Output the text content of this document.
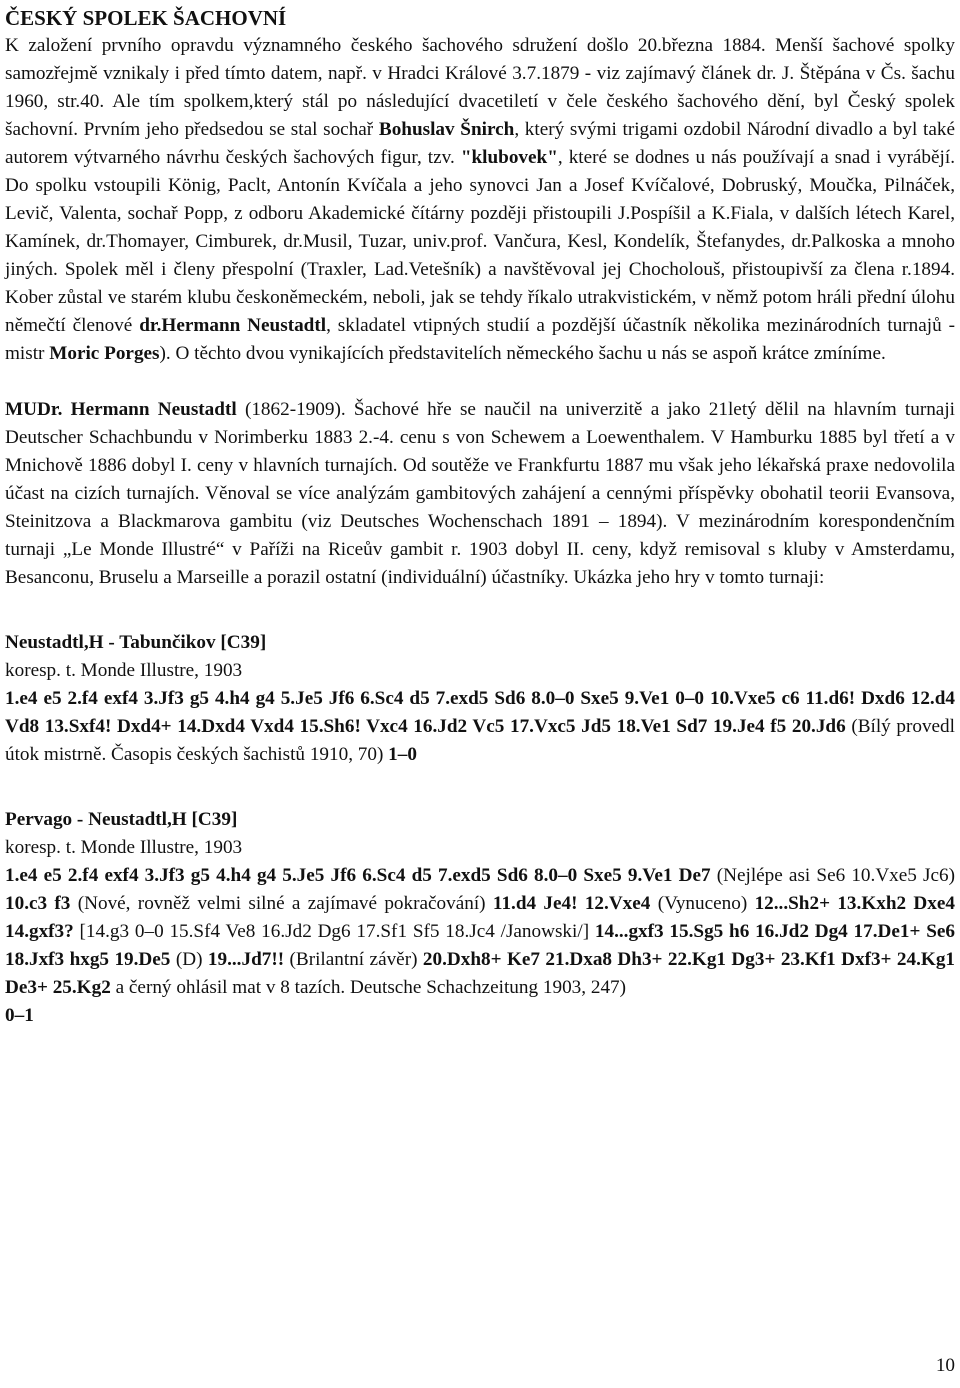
ČESKÝ SPOLEK ŠACHOVNÍ

K založení prvního opravdu významného českého šachového sdružení došlo 20.března 1884. Menší šachové spolky samozřejmě vznikaly i před tímto datem, např. v Hradci Králové 3.7.1879 - viz zajímavý článek dr. J. Štěpána v Čs. šachu 1960, str.40. Ale tím spolkem,který stál po následující dvacetiletí v čele českého šachového dění, byl Český spolek šachovní. Prvním jeho předsedou se stal sochař Bohuslav Šnirch, který svými trigami ozdobil Národní divadlo a byl také autorem výtvarného návrhu českých šachových figur, tzv. "klubovek", které se dodnes u nás používají a snad i vyrábějí. Do spolku vstoupili König, Paclt, Antonín Kvíčala a jeho synovci Jan a Josef Kvíčalové, Dobruský, Moučka, Pilnáček, Levič, Valenta, sochař Popp, z odboru Akademické čítárny později přistoupili J.Pospíšil a K.Fiala, v dalších létech Karel, Kamínek, dr.Thomayer, Cimburek, dr.Musil, Tuzar, univ.prof. Vančura, Kesl, Kondelík, Štefanydes, dr.Palkoska a mnoho jiných. Spolek měl i členy přespolní (Traxler, Lad.Vetešník) a navštěvoval jej Chocholouš, přistoupivší za člena r.1894. Kober zůstal ve starém klubu českoněmeckém, neboli, jak se tehdy říkalo utrakvistickém, v němž potom hráli přední úlohu němečtí členové dr.Hermann Neustadtl, skladatel vtipných studií a pozdější účastník několika mezinárodních turnajů - mistr Moric Porges). O těchto dvou vynikajících představitelích německého šachu u nás se aspoň krátce zmíníme.

MUDr. Hermann Neustadtl (1862-1909). Šachové hře se naučil na univerzitě a jako 21letý dělil na hlavním turnaji Deutscher Schachbundu v Norimberku 1883 2.-4. cenu s von Schewem a Loewenthalem. V Hamburku 1885 byl třetí a v Mnichově 1886 dobyl I. ceny v hlavních turnajích. Od soutěže ve Frankfurtu 1887 mu však jeho lékařská praxe nedovolila účast na cizích turnajích. Věnoval se více analýzám gambitových zahájení a cennými příspěvky obohatil teorii Evansova, Steinitzova a Blackmarova gambitu (viz Deutsches Wochenschach 1891 – 1894). V mezinárodním korespondenčním turnaji „Le Monde Illustré“ v Paříži na Riceův gambit r. 1903 dobyl II. ceny, když remisoval s kluby v Amsterdamu, Besanconu, Bruselu a Marseille a porazil ostatní (individuální) účastníky. Ukázka jeho hry v tomto turnaji:

Neustadtl,H - Tabunčikov [C39]

koresp. t. Monde Illustre, 1903

1.e4 e5 2.f4 exf4 3.Jf3 g5 4.h4 g4 5.Je5 Jf6 6.Sc4 d5 7.exd5 Sd6 8.0–0 Sxe5 9.Ve1 0–0 10.Vxe5 c6 11.d6! Dxd6 12.d4 Vd8 13.Sxf4! Dxd4+ 14.Dxd4 Vxd4 15.Sh6! Vxc4 16.Jd2 Vc5 17.Vxc5 Jd5 18.Ve1 Sd7 19.Je4 f5 20.Jd6 (Bílý provedl útok mistrně. Časopis českých šachistů 1910, 70) 1–0

Pervago - Neustadtl,H [C39]

koresp. t. Monde Illustre, 1903

1.e4 e5 2.f4 exf4 3.Jf3 g5 4.h4 g4 5.Je5 Jf6 6.Sc4 d5 7.exd5 Sd6 8.0–0 Sxe5 9.Ve1 De7 (Nejlépe asi Se6 10.Vxe5 Jc6) 10.c3 f3 (Nové, rovněž velmi silné a zajímavé pokračování) 11.d4 Je4! 12.Vxe4 (Vynuceno) 12...Sh2+ 13.Kxh2 Dxe4 14.gxf3? [14.g3 0–0 15.Sf4 Ve8 16.Jd2 Dg6 17.Sf1 Sf5 18.Jc4 /Janowski/] 14...gxf3 15.Sg5 h6 16.Jd2 Dg4 17.De1+ Se6 18.Jxf3 hxg5 19.De5 (D) 19...Jd7!! (Brilantní závěr) 20.Dxh8+ Ke7 21.Dxa8 Dh3+ 22.Kg1 Dg3+ 23.Kf1 Dxf3+ 24.Kg1 De3+ 25.Kg2 a černý ohlásil mat v 8 tazích. Deutsche Schachzeitung 1903, 247)
0–1

10
